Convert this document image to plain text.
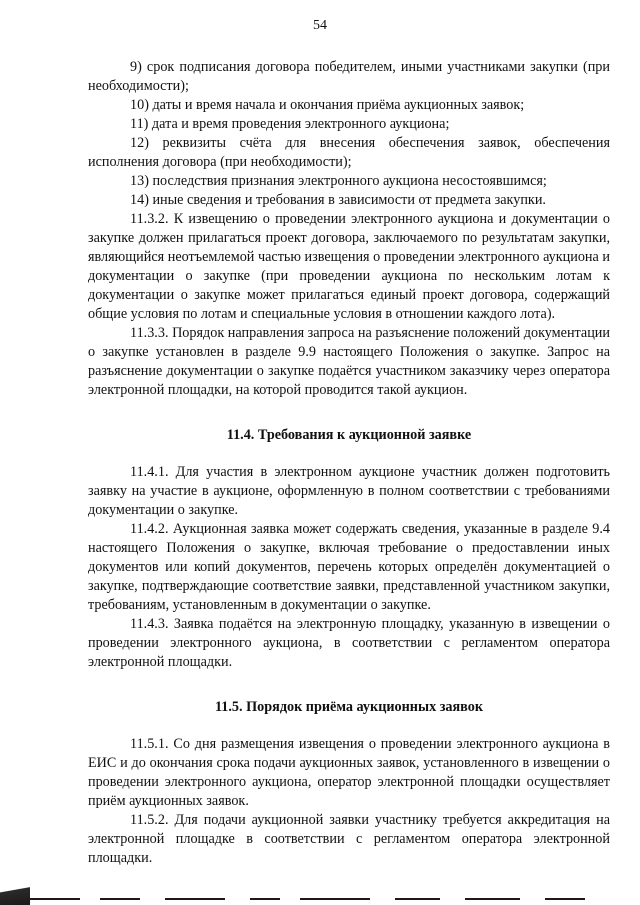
54

9) срок подписания договора победителем, иными участниками закупки (при необходимости);

10) даты и время начала и окончания приёма аукционных заявок;

11) дата и время проведения электронного аукциона;

12) реквизиты счёта для внесения обеспечения заявок, обеспечения исполнения договора (при необходимости);

13) последствия признания электронного аукциона несостоявшимся;

14) иные сведения и требования в зависимости от предмета закупки.

11.3.2. К извещению о проведении электронного аукциона и документации о закупке должен прилагаться проект договора, заключаемого по результатам закупки, являющийся неотъемлемой частью извещения о проведении электронного аукциона и документации о закупке (при проведении аукциона по нескольким лотам к документации о закупке может прилагаться единый проект договора, содержащий общие условия по лотам и специальные условия в отношении каждого лота).

11.3.3. Порядок направления запроса на разъяснение положений документации о закупке установлен в разделе 9.9 настоящего Положения о закупке. Запрос на разъяснение документации о закупке подаётся участником заказчику через оператора электронной площадки, на которой проводится такой аукцион.

11.4. Требования к аукционной заявке

11.4.1. Для участия в электронном аукционе участник должен подготовить заявку на участие в аукционе, оформленную в полном соответствии с требованиями документации о закупке.

11.4.2. Аукционная заявка может содержать сведения, указанные в разделе 9.4 настоящего Положения о закупке, включая требование о предоставлении иных документов или копий документов, перечень которых определён документацией о закупке, подтверждающие соответствие заявки, представленной участником закупки, требованиям, установленным в документации о закупке.

11.4.3. Заявка подаётся на электронную площадку, указанную в извещении о проведении электронного аукциона, в соответствии с регламентом оператора электронной площадки.

11.5. Порядок приёма аукционных заявок

11.5.1. Со дня размещения извещения о проведении электронного аукциона в ЕИС и до окончания срока подачи аукционных заявок, установленного в извещении о проведении электронного аукциона, оператор электронной площадки осуществляет приём аукционных заявок.

11.5.2. Для подачи аукционной заявки участнику требуется аккредитация на электронной площадке в соответствии с регламентом оператора электронной площадки.
